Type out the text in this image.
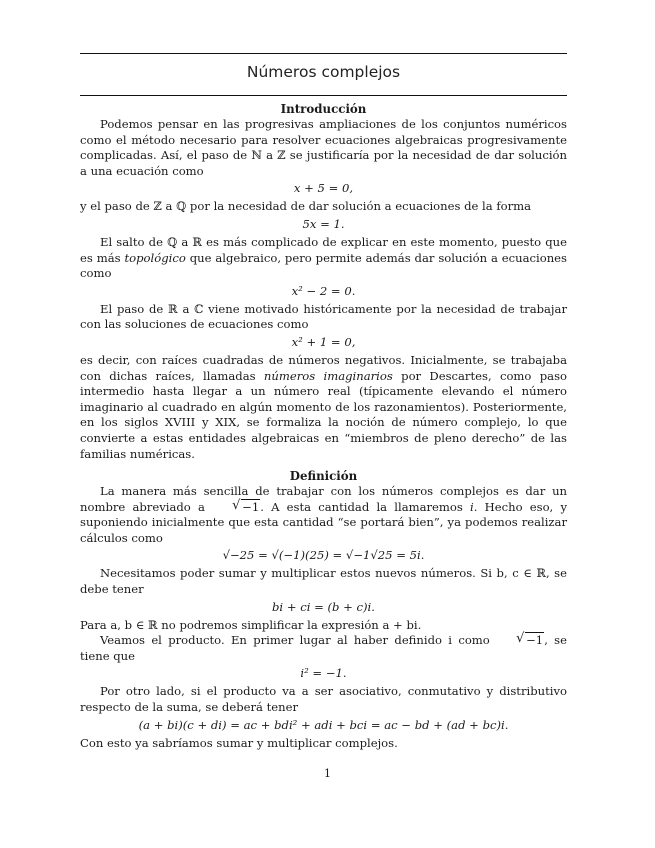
Números complejos
Introducción

Podemos pensar en las progresivas ampliaciones de los conjuntos numéricos como el método necesario para resolver ecuaciones algebraicas progresivamente complicadas. Así, el paso de ℕ a ℤ se justificaría por la necesidad de dar solución a una ecuación como

x + 5 = 0,

y el paso de ℤ a ℚ por la necesidad de dar solución a ecuaciones de la forma

5x = 1.

El salto de ℚ a ℝ es más complicado de explicar en este momento, puesto que es más topológico que algebraico, pero permite además dar solución a ecuaciones como

x² − 2 = 0.

El paso de ℝ a ℂ viene motivado históricamente por la necesidad de trabajar con las soluciones de ecuaciones como

x² + 1 = 0,

es decir, con raíces cuadradas de números negativos. Inicialmente, se trabajaba con dichas raíces, llamadas números imaginarios por Descartes, como paso intermedio hasta llegar a un número real (típicamente elevando el número imaginario al cuadrado en algún momento de los razonamientos). Posteriormente, en los siglos XVIII y XIX, se formaliza la noción de número complejo, lo que convierte a estas entidades algebraicas en “miembros de pleno derecho” de las familias numéricas.

Definición

La manera más sencilla de trabajar con los números complejos es dar un nombre abreviado a	√ −1. A esta cantidad la llamaremos i. Hecho eso, y suponiendo inicialmente que esta cantidad “se portará bien”, ya podemos realizar cálculos como

√−25 = √(−1)(25) = √−1√25 = 5i.

Necesitamos poder sumar y multiplicar estos nuevos números. Si b, c ∈ ℝ, se debe tener

bi + ci = (b + c)i.

Para a, b ∈ ℝ no podremos simplificar la expresión a + bi.

Veamos el producto. En primer lugar al haber definido i como	√ −1, se tiene que

i² = −1.

Por otro lado, si el producto va a ser asociativo, conmutativo y distributivo respecto de la suma, se deberá tener

(a + bi)(c + di) = ac + bdi² + adi + bci = ac − bd + (ad + bc)i.

Con esto ya sabríamos sumar y multiplicar complejos.

1
